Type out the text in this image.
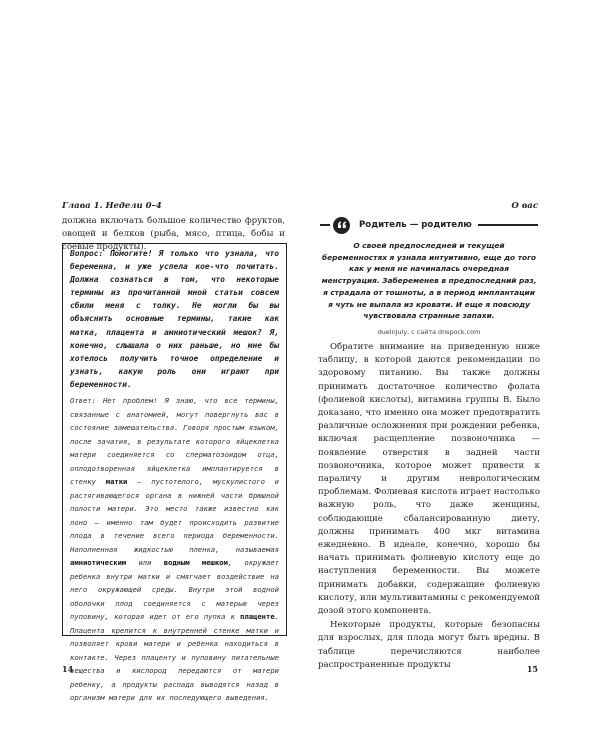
Глава 1. Недели 0–4
должна включать большое количество фруктов, овощей и белков (рыба, мясо, птица, бобы и соевые продукты).
Вопрос: Помогите! Я только что узнала, что беременна, и уже успела кое-что почитать. Должна сознаться в том, что некоторые термины из прочитанной мной статьи совсем сбили меня с толку. Не могли бы вы объяснить основные термины, такие как матка, плацента и амниотический мешок? Я, конечно, слышала о них раньше, но мне бы хотелось получить точное определение и узнать, какую роль они играют при беременности.
Ответ: Нет проблем! Я знаю, что все термины, связанные с анатомией, могут повергнуть вас в состояние замешательства. Говоря простым языком, после зачатия, в результате которого яйцеклетка матери соединяется со сперматозоидом отца, оплодотворенная яйцеклетка имплантируется в стенку матки — пустотелого, мускулистого и растягивающегося органа в нижней части брюшной полости матери. Это место также известно как лоно — именно там будет происходить развитие плода в течение всего периода беременности. Наполненная жидкостью пленка, называемая амниотическим или водным мешком, окружает ребенка внутри матки и смягчает воздействие на него окружающей среды. Внутри этой водной оболочки плод соединяется с матерью через пуповину, которая идет от его пупка к плаценте. Плацента крепится к внутренней стенке матки и позволяет крови матери и ребенка находиться в контакте. Через плаценту и пуповину питательные вещества и кислород передаются от матери ребенку, а продукты распада выводятся назад в организм матери для их последующего выведения.
14
О вас
Родитель — родителю
О своей предпоследней и текущей беременностях я узнала интуитивно, еще до того как у меня не начиналась очередная менструация. Забеременев в предпоследний раз, я страдала от тошноты, а в период имплантации я чуть не выпала из кровати. И еще я повсюду чувствовала странные запахи.
dueInJuly, с сайта dnspock.com

Обратите внимание на приведенную ниже таблицу, в которой даются рекомендации по здоровому питанию. Вы также должны принимать достаточное количество фолата (фолиевой кислоты), витамина группы B. Было доказано, что именно она может предотвратить различные осложнения при рождении ребенка, включая расщепление позвоночника — появление отверстия в задней части позвоночника, которое может привести к параличу и другим неврологическим проблемам. Фолиевая кислота играет настолько важную роль, что даже женщины, соблюдающие сбалансированную диету, должны принимать 400 мкг витамина ежедневно. В идеале, конечно, хорошо бы начать принимать фолиевую кислоту еще до наступления беременности. Вы можете принимать добавки, содержащие фолиевую кислоту, или мультивитамины с рекомендуемой дозой этого компонента.

Некоторые продукты, которые безопасны для взрослых, для плода могут быть вредны. В таблице перечисляются наиболее распространенные продукты	15
